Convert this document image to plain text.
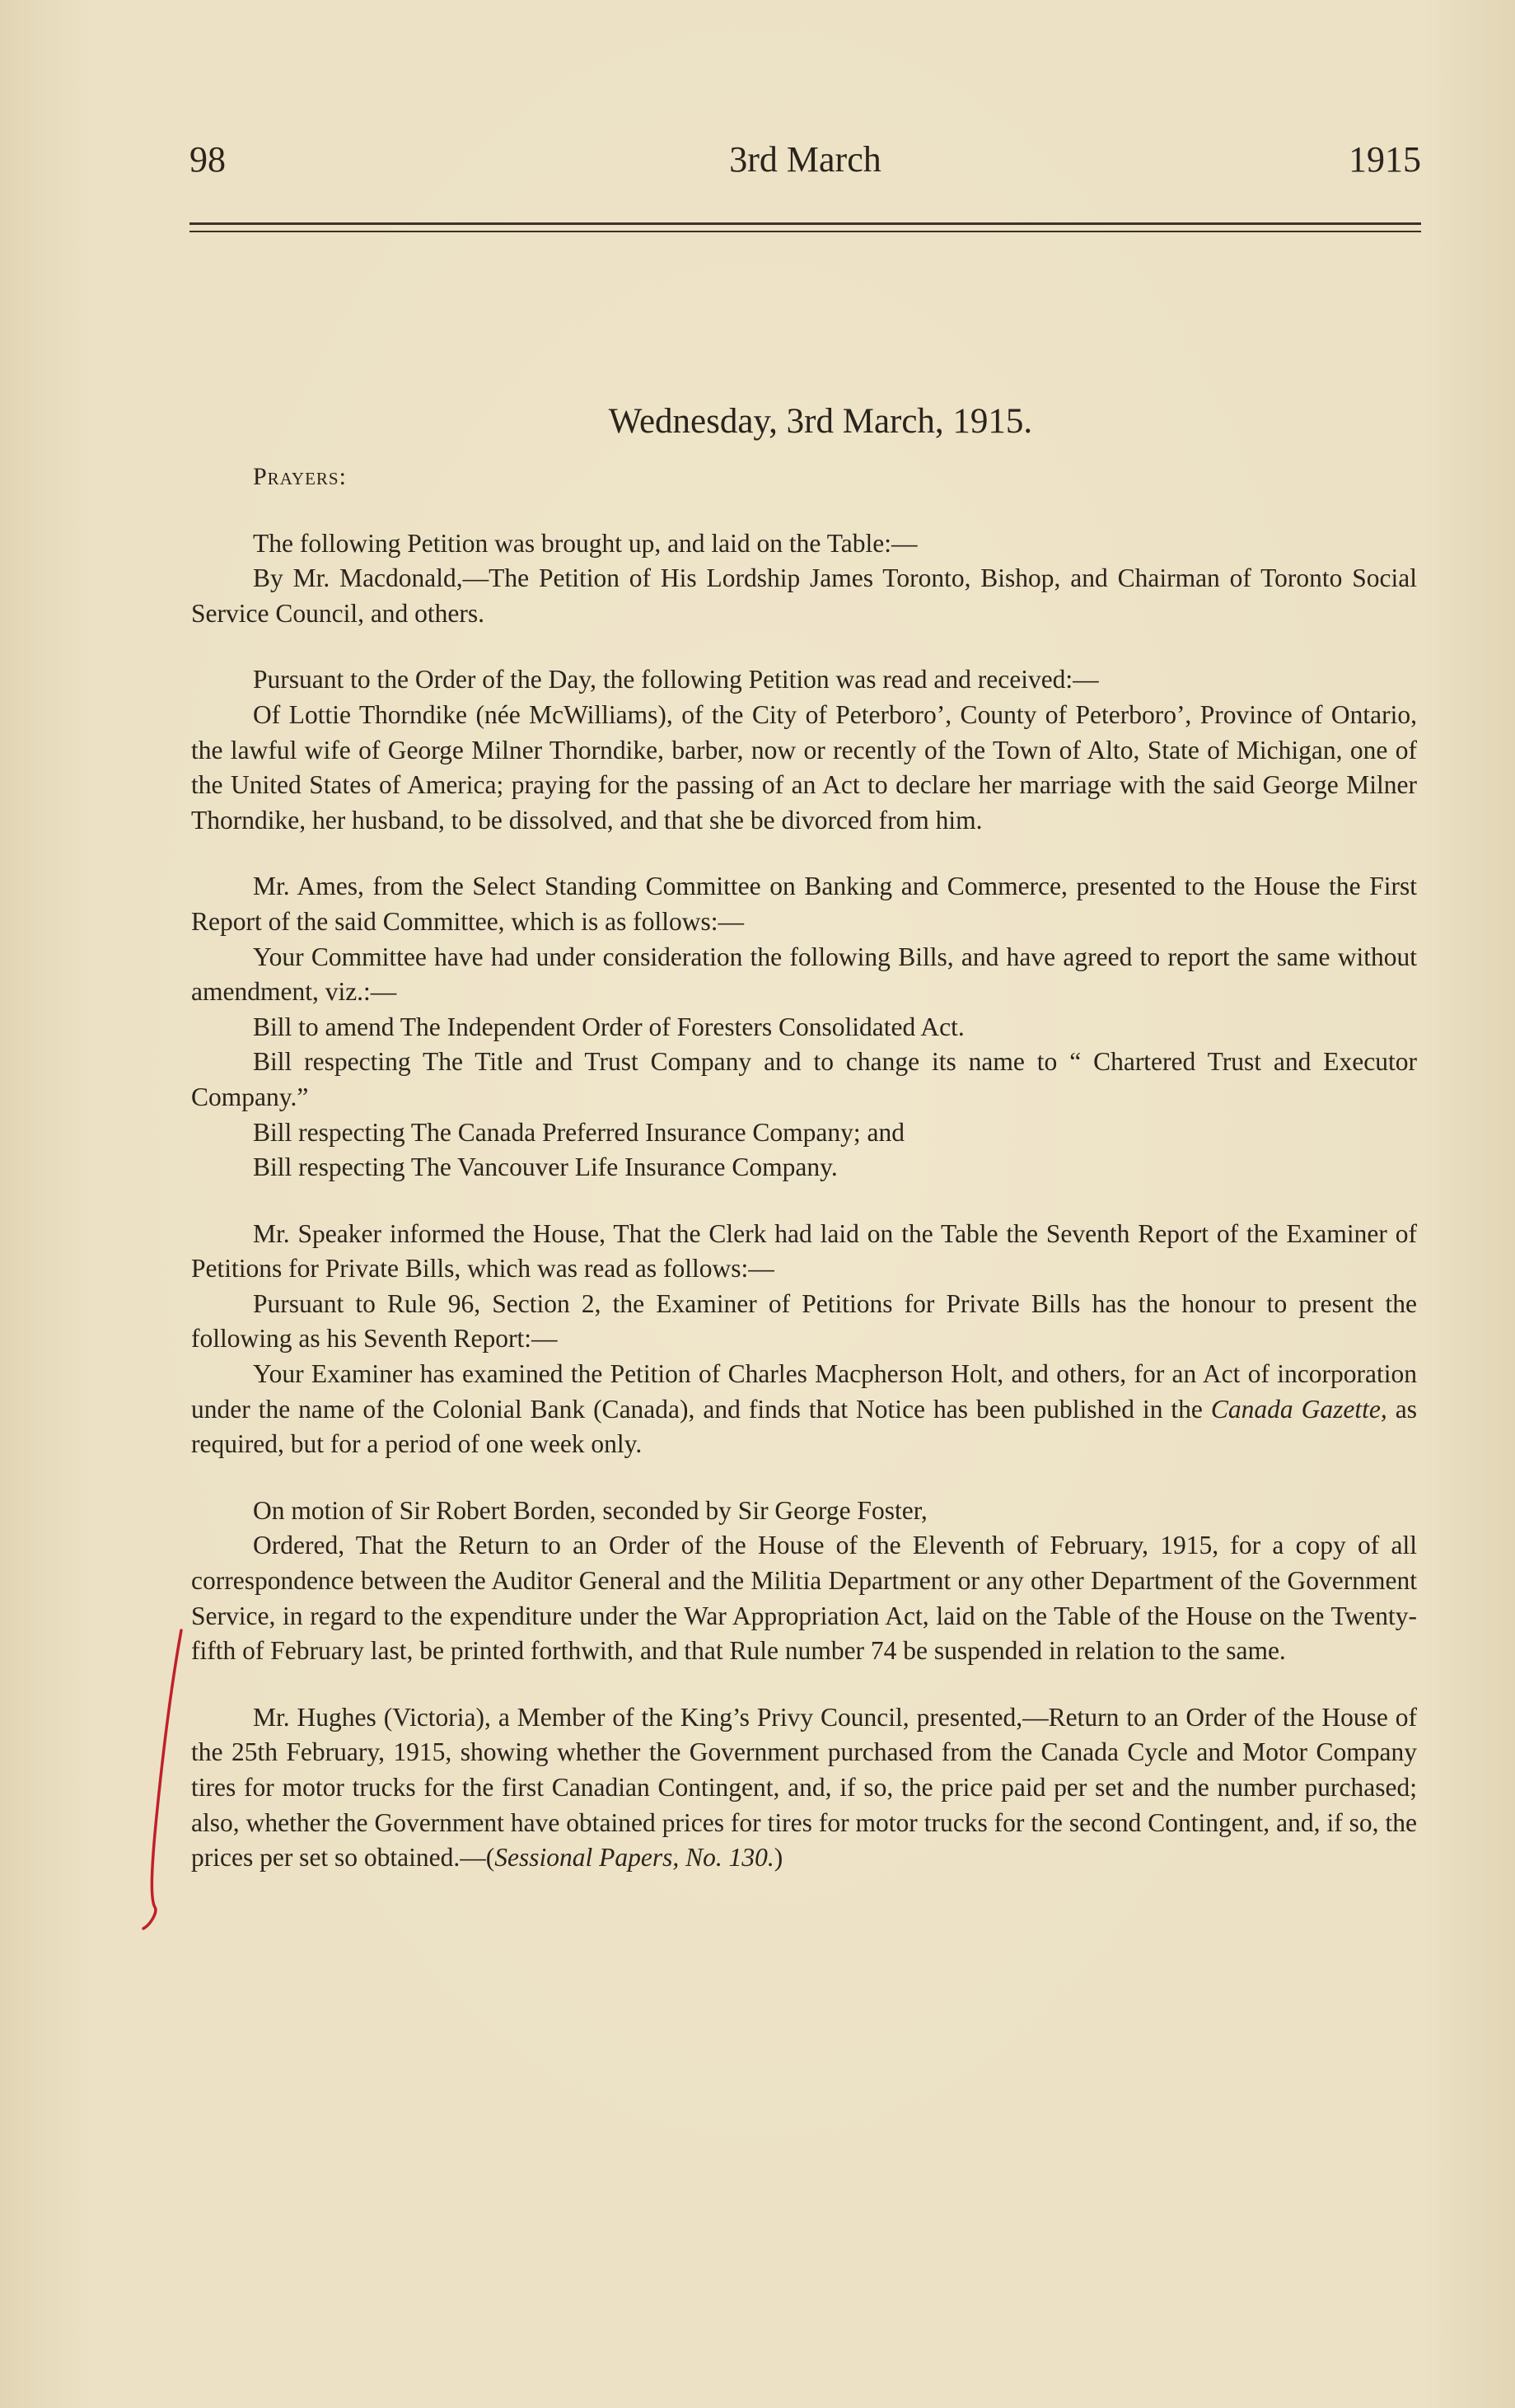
98	3rd March	1915
Wednesday, 3rd March, 1915.
Prayers:

The following Petition was brought up, and laid on the Table:—

By Mr. Macdonald,—The Petition of His Lordship James Toronto, Bishop, and Chairman of Toronto Social Service Council, and others.

Pursuant to the Order of the Day, the following Petition was read and received:—

Of Lottie Thorndike (née McWilliams), of the City of Peterboro’, County of Peterboro’, Province of Ontario, the lawful wife of George Milner Thorndike, barber, now or recently of the Town of Alto, State of Michigan, one of the United States of America; praying for the passing of an Act to declare her marriage with the said George Milner Thorndike, her husband, to be dissolved, and that she be divorced from him.

Mr. Ames, from the Select Standing Committee on Banking and Commerce, presented to the House the First Report of the said Committee, which is as follows:—

Your Committee have had under consideration the following Bills, and have agreed to report the same without amendment, viz.:—

Bill to amend The Independent Order of Foresters Consolidated Act.

Bill respecting The Title and Trust Company and to change its name to “ Chartered Trust and Executor Company.”

Bill respecting The Canada Preferred Insurance Company; and

Bill respecting The Vancouver Life Insurance Company.

Mr. Speaker informed the House, That the Clerk had laid on the Table the Seventh Report of the Examiner of Petitions for Private Bills, which was read as follows:—

Pursuant to Rule 96, Section 2, the Examiner of Petitions for Private Bills has the honour to present the following as his Seventh Report:—

Your Examiner has examined the Petition of Charles Macpherson Holt, and others, for an Act of incorporation under the name of the Colonial Bank (Canada), and finds that Notice has been published in the Canada Gazette, as required, but for a period of one week only.

On motion of Sir Robert Borden, seconded by Sir George Foster,

Ordered, That the Return to an Order of the House of the Eleventh of February, 1915, for a copy of all correspondence between the Auditor General and the Militia Department or any other Department of the Government Service, in regard to the expenditure under the War Appropriation Act, laid on the Table of the House on the Twenty-fifth of February last, be printed forthwith, and that Rule number 74 be suspended in relation to the same.

Mr. Hughes (Victoria), a Member of the King’s Privy Council, presented,—Return to an Order of the House of the 25th February, 1915, showing whether the Government purchased from the Canada Cycle and Motor Company tires for motor trucks for the first Canadian Contingent, and, if so, the price paid per set and the number purchased; also, whether the Government have obtained prices for tires for motor trucks for the second Contingent, and, if so, the prices per set so obtained.—(Sessional Papers, No. 130.)
